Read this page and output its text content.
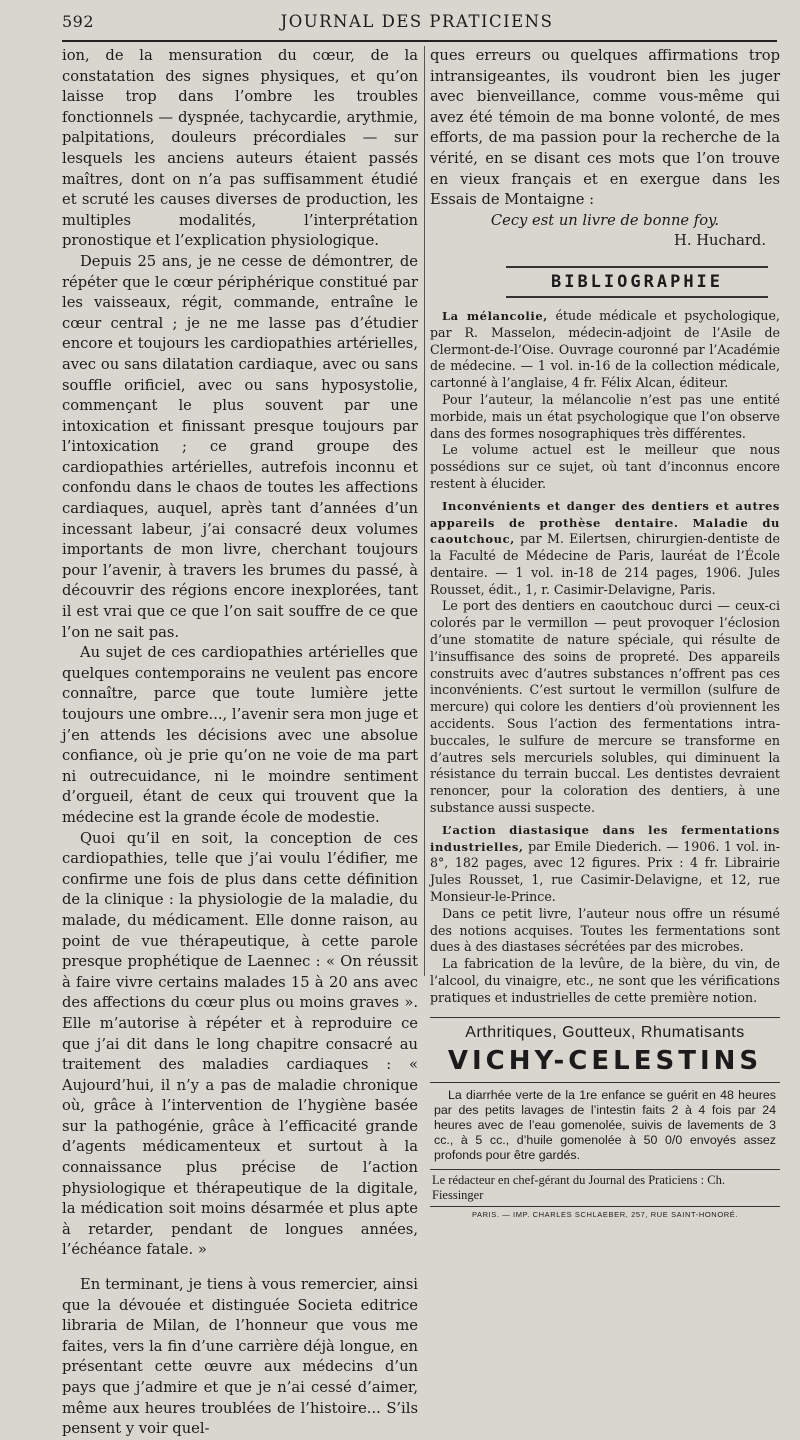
592	JOURNAL DES PRATICIENS

ion, de la mensuration du cœur, de la constatation des signes physiques, et qu’on laisse trop dans l’ombre les troubles fonctionnels — dyspnée, tachycardie, arythmie, palpitations, douleurs précordiales — sur lesquels les anciens auteurs étaient passés maîtres, dont on n’a pas suffisamment étudié et scruté les causes diverses de production, les multiples modalités, l’interprétation pronostique et l’explication physiologique.

Depuis 25 ans, je ne cesse de démontrer, de répéter que le cœur périphérique constitué par les vaisseaux, régit, commande, entraîne le cœur central ; je ne me lasse pas d’étudier encore et toujours les cardiopathies artérielles, avec ou sans dilatation cardiaque, avec ou sans souffle orificiel, avec ou sans hyposystolie, commençant le plus souvent par une intoxication et finissant presque toujours par l’intoxication ; ce grand groupe des cardiopathies artérielles, autrefois inconnu et confondu dans le chaos de toutes les affections cardiaques, auquel, après tant d’années d’un incessant labeur, j’ai consacré deux volumes importants de mon livre, cherchant toujours pour l’avenir, à travers les brumes du passé, à découvrir des régions encore inexplorées, tant il est vrai que ce que l’on sait souffre de ce que l’on ne sait pas.

Au sujet de ces cardiopathies artérielles que quelques contemporains ne veulent pas encore connaître, parce que toute lumière jette toujours une ombre..., l’avenir sera mon juge et j’en attends les décisions avec une absolue confiance, où je prie qu’on ne voie de ma part ni outrecuidance, ni le moindre sentiment d’orgueil, étant de ceux qui trouvent que la médecine est la grande école de modestie.

Quoi qu’il en soit, la conception de ces cardiopathies, telle que j’ai voulu l’édifier, me confirme une fois de plus dans cette définition de la clinique : la physiologie de la maladie, du malade, du médicament. Elle donne raison, au point de vue thérapeutique, à cette parole presque prophétique de Laennec : « On réussit à faire vivre certains malades 15 à 20 ans avec des affections du cœur plus ou moins graves ». Elle m’autorise à répéter et à reproduire ce que j’ai dit dans le long chapitre consacré au traitement des maladies cardiaques : « Aujourd’hui, il n’y a pas de maladie chronique où, grâce à l’intervention de l’hygiène basée sur la pathogénie, grâce à l’efficacité grande d’agents médicamenteux et surtout à la connaissance plus précise de l’action physiologique et thérapeutique de la digitale, la médication soit moins désarmée et plus apte à retarder, pendant de longues années, l’échéance fatale. »

En terminant, je tiens à vous remercier, ainsi que la dévouée et distinguée Societa editrice libraria de Milan, de l’honneur que vous me faites, vers la fin d’une carrière déjà longue, en présentant cette œuvre aux médecins d’un pays que j’admire et que je n’ai cessé d’aimer, même aux heures troublées de l’histoire... S’ils pensent y voir quel-

ques erreurs ou quelques affirmations trop intransigeantes, ils voudront bien les juger avec bienveillance, comme vous-même qui avez été témoin de ma bonne volonté, de mes efforts, de ma passion pour la recherche de la vérité, en se disant ces mots que l’on trouve en vieux français et en exergue dans les Essais de Montaigne :

Cecy est un livre de bonne foy.

H. Huchard.

BIBLIOGRAPHIE

La mélancolie, étude médicale et psychologique, par R. Masselon, médecin-adjoint de l’Asile de Clermont-de-l’Oise. Ouvrage couronné par l’Académie de médecine. — 1 vol. in-16 de la collection médicale, cartonné à l’anglaise, 4 fr. Félix Alcan, éditeur.

Pour l’auteur, la mélancolie n’est pas une entité morbide, mais un état psychologique que l’on observe dans des formes nosographiques très différentes.

Le volume actuel est le meilleur que nous possédions sur ce sujet, où tant d’inconnus encore restent à élucider.

Inconvénients et danger des dentiers et autres appareils de prothèse dentaire. Maladie du caoutchouc, par M. Eilertsen, chirurgien-dentiste de la Faculté de Médecine de Paris, lauréat de l’École dentaire. — 1 vol. in-18 de 214 pages, 1906. Jules Rousset, édit., 1, r. Casimir-Delavigne, Paris.

Le port des dentiers en caoutchouc durci — ceux-ci colorés par le vermillon — peut provoquer l’éclosion d’une stomatite de nature spéciale, qui résulte de l’insuffisance des soins de propreté. Des appareils construits avec d’autres substances n’offrent pas ces inconvénients. C’est surtout le vermillon (sulfure de mercure) qui colore les dentiers d’où proviennent les accidents. Sous l’action des fermentations intra-buccales, le sulfure de mercure se transforme en d’autres sels mercuriels solubles, qui diminuent la résistance du terrain buccal. Les dentistes devraient renoncer, pour la coloration des dentiers, à une substance aussi suspecte.

L’action diastasique dans les fermentations industrielles, par Emile Diederich. — 1906. 1 vol. in-8°, 182 pages, avec 12 figures. Prix : 4 fr. Librairie Jules Rousset, 1, rue Casimir-Delavigne, et 12, rue Monsieur-le-Prince.

Dans ce petit livre, l’auteur nous offre un résumé des notions acquises. Toutes les fermentations sont dues à des diastases sécrétées par des microbes.

La fabrication de la levûre, de la bière, du vin, de l’alcool, du vinaigre, etc., ne sont que les vérifications pratiques et industrielles de cette première notion.

Arthritiques, Goutteux, Rhumatisants
VICHY-CELESTINS
La diarrhée verte de la 1re enfance se guérit en 48 heures par des petits lavages de l’intestin faits 2 à 4 fois par 24 heures avec de l’eau gomenolée, suivis de lavements de 3 cc., à 5 cc., d’huile gomenolée à 50 0/0 envoyés assez profonds pour être gardés.
Le rédacteur en chef-gérant du Journal des Praticiens : Ch. Fiessinger
PARIS. — IMP. CHARLES SCHLAEBER, 257, RUE SAINT-HONORÉ.
